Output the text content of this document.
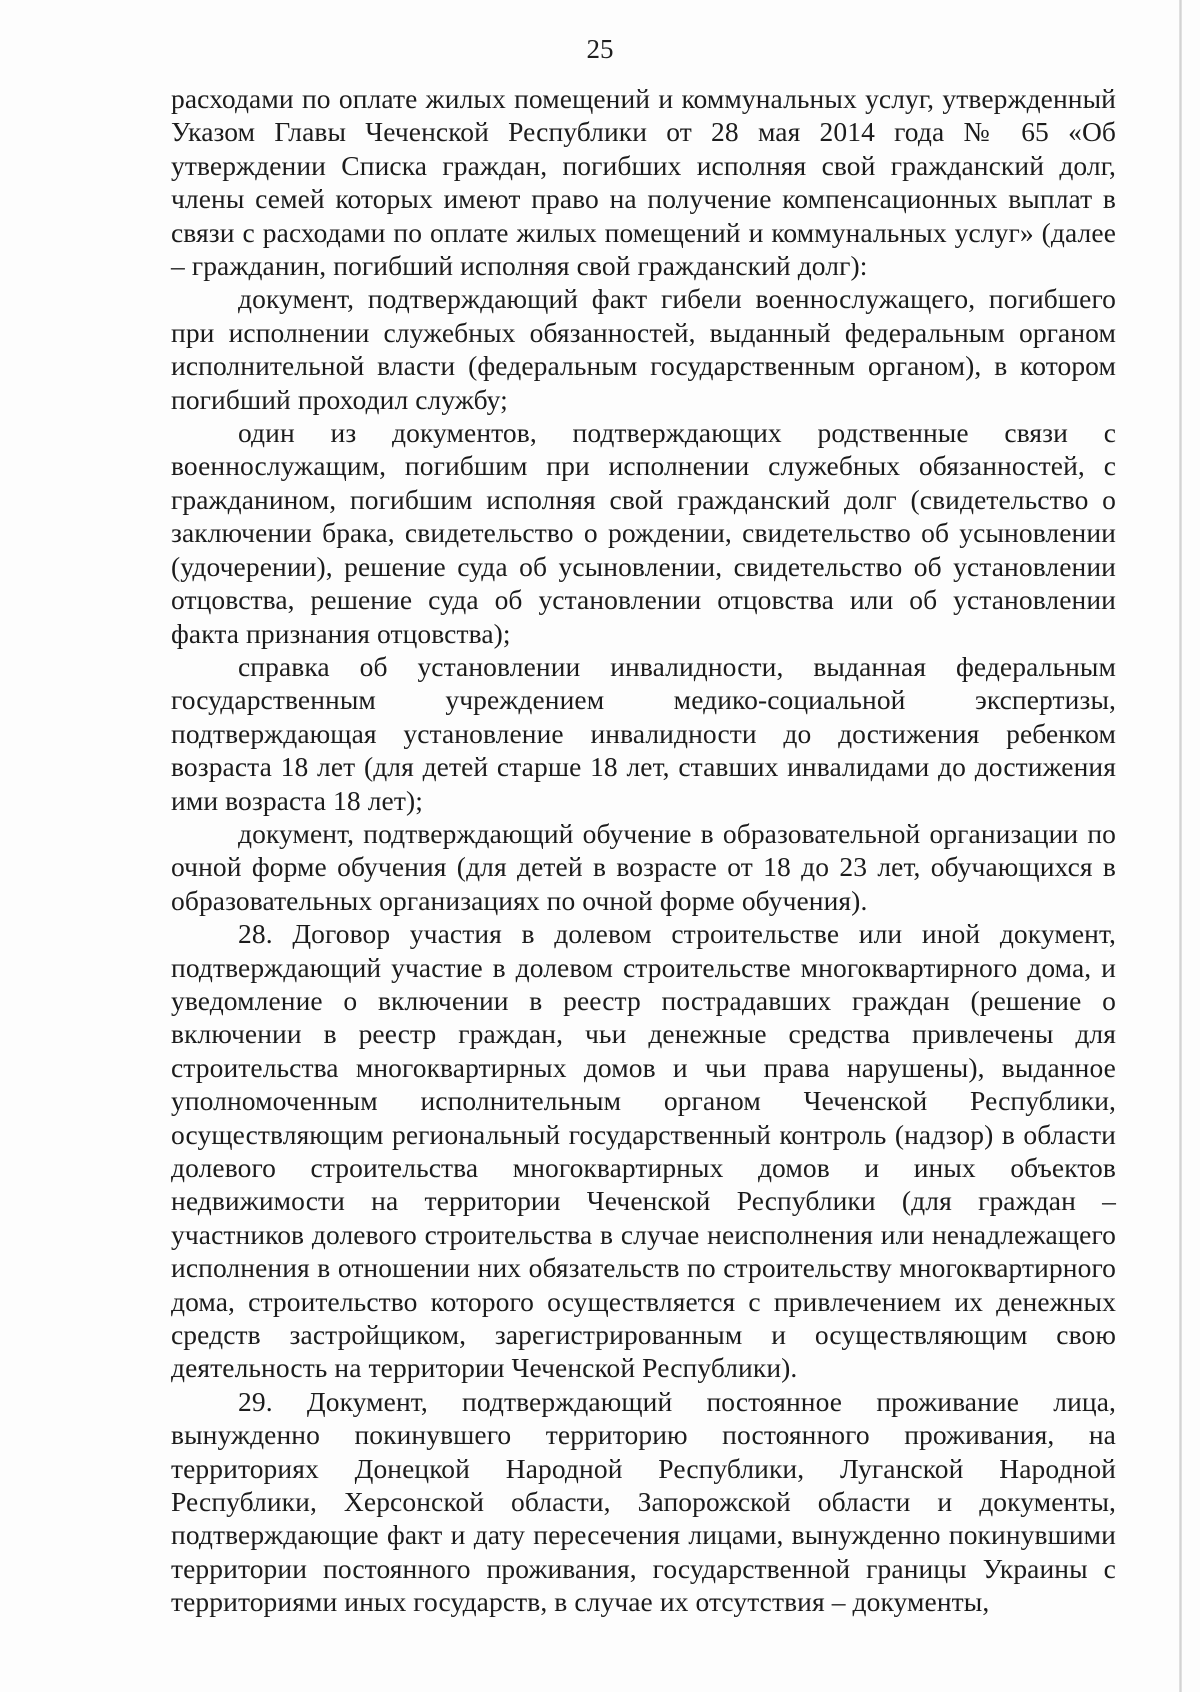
25

расходами по оплате жилых помещений и коммунальных услуг, утвержденный Указом Главы Чеченской Республики от 28 мая 2014 года № 65 «Об утверждении Списка граждан, погибших исполняя свой гражданский долг, члены семей которых имеют право на получение компенсационных выплат в связи с расходами по оплате жилых помещений и коммунальных услуг» (далее – гражданин, погибший исполняя свой гражданский долг):

документ, подтверждающий факт гибели военнослужащего, погибшего при исполнении служебных обязанностей, выданный федеральным органом исполнительной власти (федеральным государственным органом), в котором погибший проходил службу;

один из документов, подтверждающих родственные связи с военнослужащим, погибшим при исполнении служебных обязанностей, с гражданином, погибшим исполняя свой гражданский долг (свидетельство о заключении брака, свидетельство о рождении, свидетельство об усыновлении (удочерении), решение суда об усыновлении, свидетельство об установлении отцовства, решение суда об установлении отцовства или об установлении факта признания отцовства);

справка об установлении инвалидности, выданная федеральным государственным учреждением медико-социальной экспертизы, подтверждающая установление инвалидности до достижения ребенком возраста 18 лет (для детей старше 18 лет, ставших инвалидами до достижения ими возраста 18 лет);

документ, подтверждающий обучение в образовательной организации по очной форме обучения (для детей в возрасте от 18 до 23 лет, обучающихся в образовательных организациях по очной форме обучения).

28. Договор участия в долевом строительстве или иной документ, подтверждающий участие в долевом строительстве многоквартирного дома, и уведомление о включении в реестр пострадавших граждан (решение о включении в реестр граждан, чьи денежные средства привлечены для строительства многоквартирных домов и чьи права нарушены), выданное уполномоченным исполнительным органом Чеченской Республики, осуществляющим региональный государственный контроль (надзор) в области долевого строительства многоквартирных домов и иных объектов недвижимости на территории Чеченской Республики (для граждан – участников долевого строительства в случае неисполнения или ненадлежащего исполнения в отношении них обязательств по строительству многоквартирного дома, строительство которого осуществляется с привлечением их денежных средств застройщиком, зарегистрированным и осуществляющим свою деятельность на территории Чеченской Республики).

29. Документ, подтверждающий постоянное проживание лица, вынужденно покинувшего территорию постоянного проживания, на территориях Донецкой Народной Республики, Луганской Народной Республики, Херсонской области, Запорожской области и документы, подтверждающие факт и дату пересечения лицами, вынужденно покинувшими территории постоянного проживания, государственной границы Украины с территориями иных государств, в случае их отсутствия – документы,
